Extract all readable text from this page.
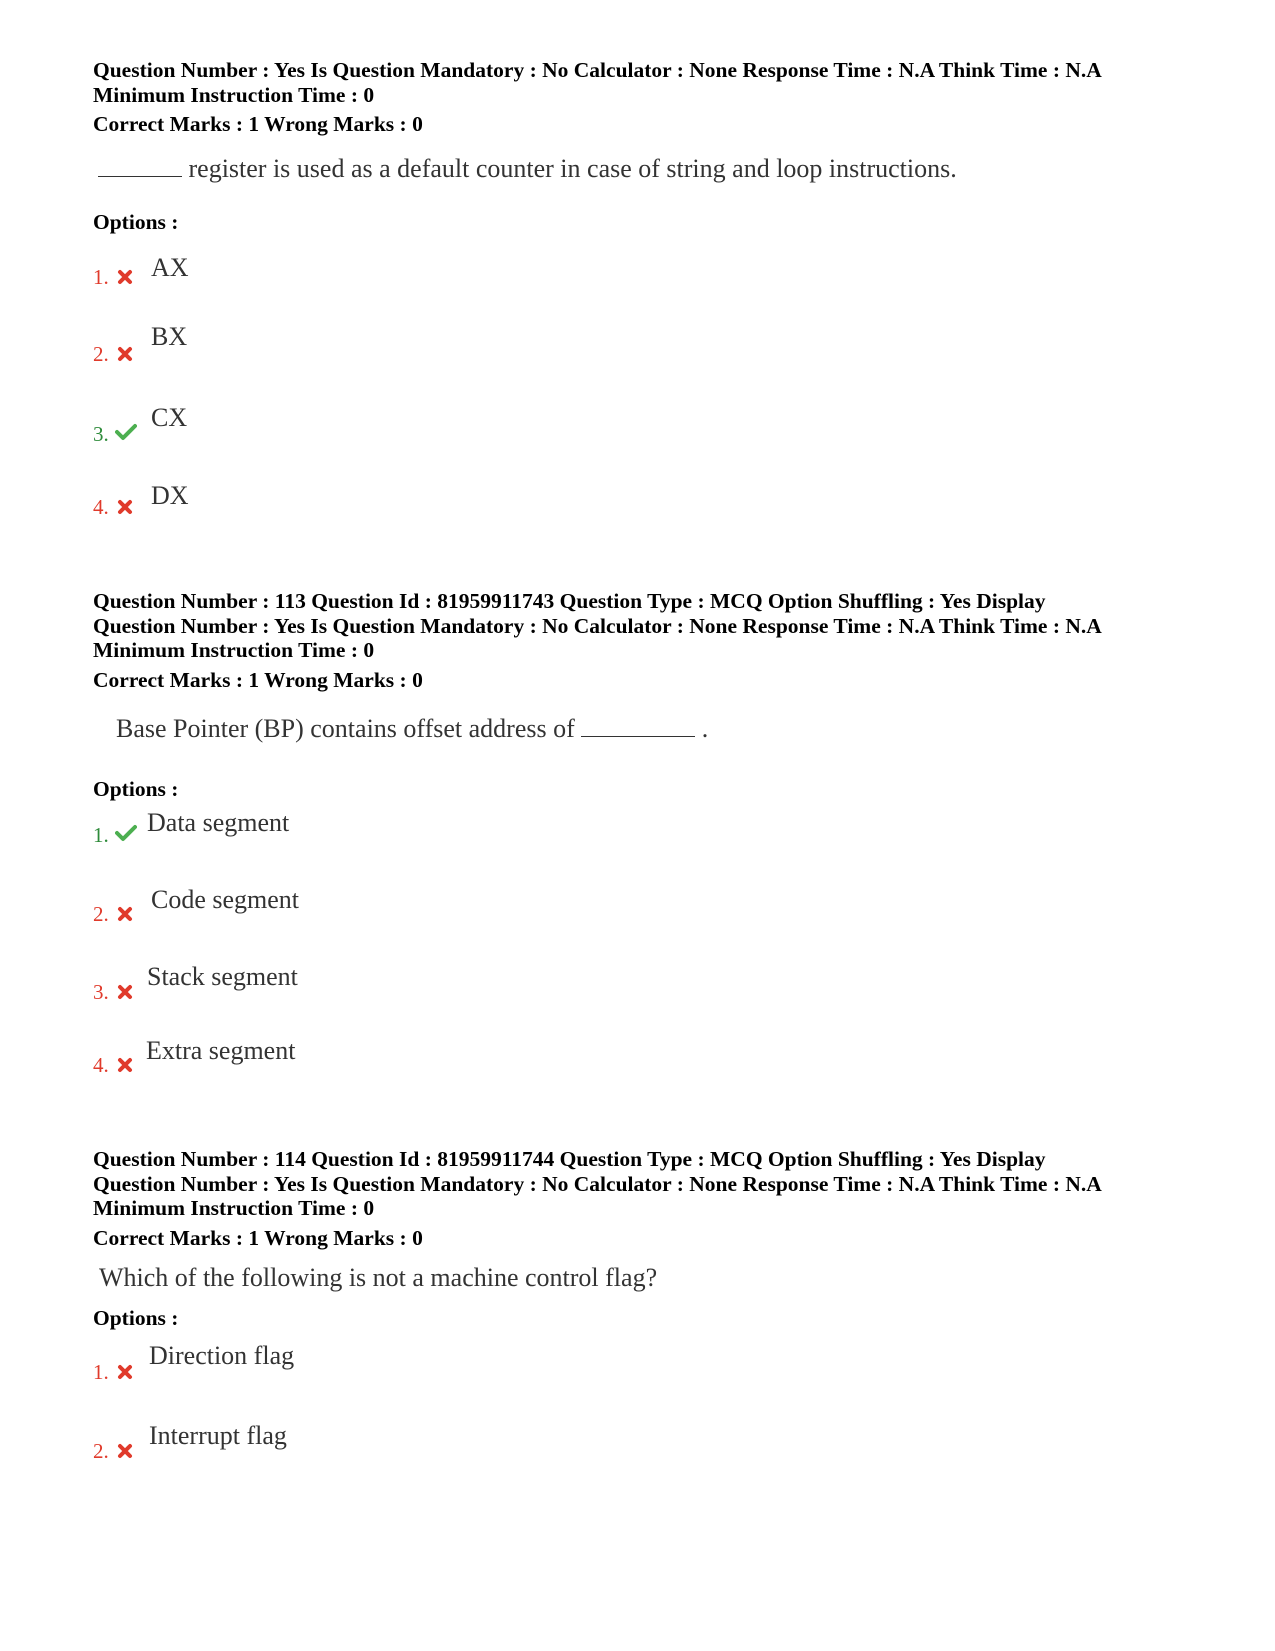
Question Number : Yes Is Question Mandatory : No Calculator : None Response Time : N.A Think Time : N.A

Minimum Instruction Time : 0

Correct Marks : 1 Wrong Marks : 0

register is used as a default counter in case of string and loop instructions.

Options :

1. AX
2.
BX
3.
CX
4. DX

Question Number : 113 Question Id : 81959911743 Question Type : MCQ Option Shuffling : Yes Display

Question Number : Yes Is Question Mandatory : No Calculator : None Response Time : N.A Think Time : N.A

Minimum Instruction Time : 0

Correct Marks : 1 Wrong Marks : 0

Base Pointer (BP) contains offset address of	.

Options :

1. Data segment
2. Code segment
3.
Stack segment
4. Extra segment

Question Number : 114 Question Id : 81959911744 Question Type : MCQ Option Shuffling : Yes Display

Question Number : Yes Is Question Mandatory : No Calculator : None Response Time : N.A Think Time : N.A

Minimum Instruction Time : 0

Correct Marks : 1 Wrong Marks : 0

Which of the following is not a machine control flag?

Options :

1.
Direction flag
2.
Interrupt flag
